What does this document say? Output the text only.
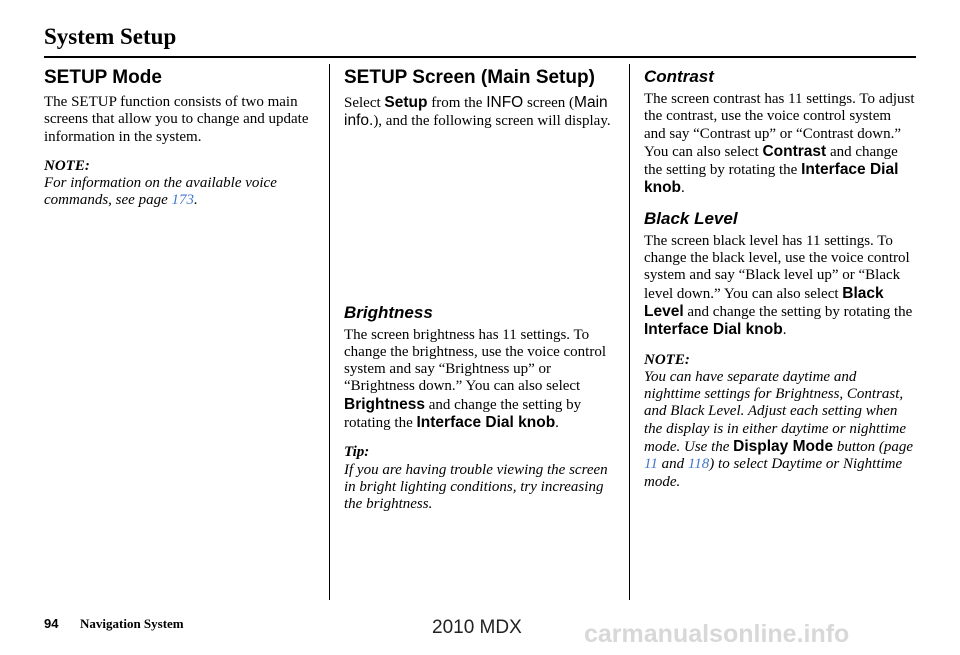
System Setup
SETUP Mode

The SETUP function consists of two main screens that allow you to change and update information in the system.

NOTE:

For information on the available voice commands, see page 173.

SETUP Screen (Main Setup)

Select Setup from the INFO screen (Main info.), and the following screen will display.

Brightness

The screen brightness has 11 settings. To change the brightness, use the voice control system and say “Brightness up” or “Brightness down.” You can also select Brightness and change the setting by rotating the Interface Dial knob.

Tip:

If you are having trouble viewing the screen in bright lighting conditions, try increasing the brightness.

Contrast

The screen contrast has 11 settings. To adjust the contrast, use the voice control system and say “Contrast up” or “Contrast down.” You can also select Contrast and change the setting by rotating the Interface Dial knob.

Black Level

The screen black level has 11 settings. To change the black level, use the voice control system and say “Black level up” or “Black level down.” You can also select Black Level and change the setting by rotating the Interface Dial knob.

NOTE:

You can have separate daytime and nighttime settings for Brightness, Contrast, and Black Level. Adjust each setting when the display is in either daytime or nighttime mode. Use the Display Mode button (page 11 and 118) to select Daytime or Nighttime mode.

94 Navigation System	2010 MDX carmanualsonline.info
